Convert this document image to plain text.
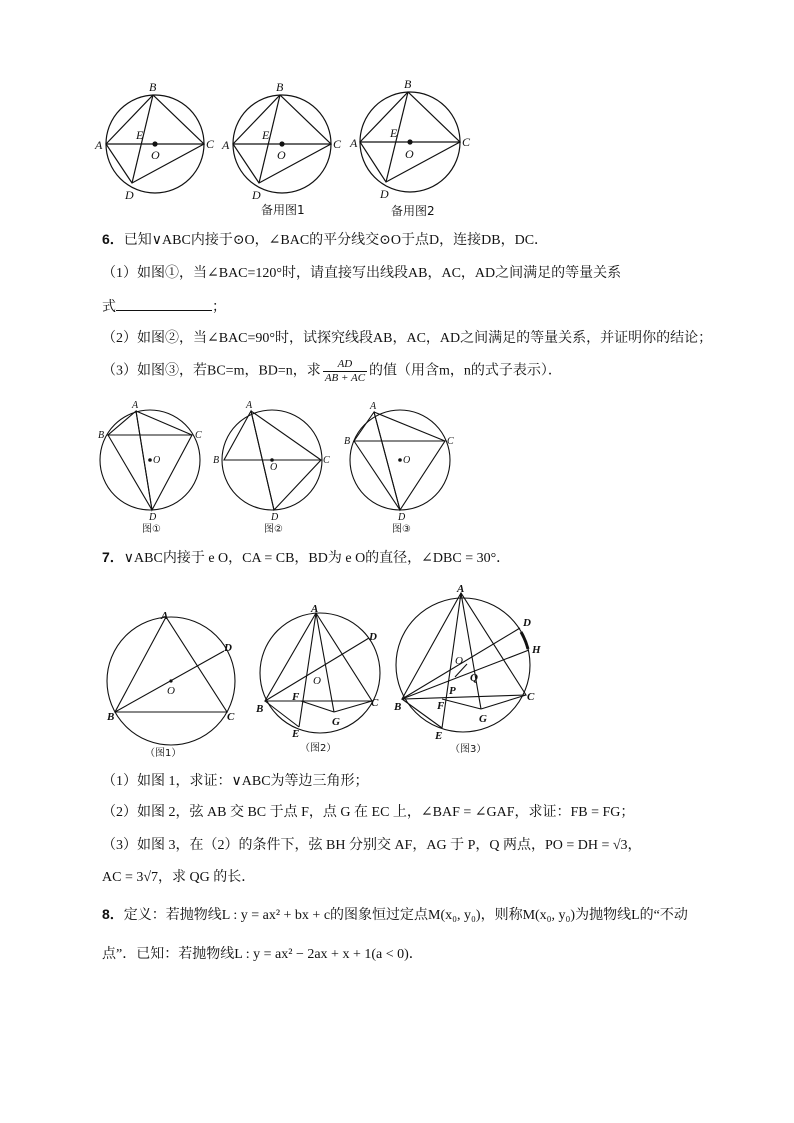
B
A	C
D
E
O
B
A	C
D
E
O
备用图1
B
A	C
D
E
O
备用图2
6．已知∨ABC内接于⊙O，∠BAC的平分线交⊙O于点D，连接DB，DC．
（1）如图①，当∠BAC=120°时，请直接写出线段AB，AC，AD之间满足的等量关系
式	；
（2）如图②，当∠BAC=90°时，试探究线段AB，AC，AD之间满足的等量关系，并证明你的结论；
（3）如图③，若BC=m，BD=n，求 $\frac{AD}{AB + AC}$ 的值（用含m，n的式子表示）．
A
B	C
D
O
图①
A
B	C
D
O
图②
A
B	C
D
O
图③
7．∨ABC内接于 e O，CA = CB，BD为 e O的直径，∠DBC = 30°．
A
B	C
D
O
（图1）
A
B	C
D
E
F
G
O
（图2）
A
B
C
D
E
F
G
H
O
P
Q
（图3）
（1）如图 1，求证：∨ABC为等边三角形；
（2）如图 2，弦 AB 交 BC 于点 F，点 G 在 EC 上，∠BAF = ∠GAF，求证：FB = FG；
（3）如图 3，在（2）的条件下，弦 BH 分别交 AF，AG 于 P，Q 两点，PO = DH = √3，
AC = 3√7，求 QG 的长．
8．定义：若抛物线L : y = ax² + bx + c的图象恒过定点M(x₀, y₀)，则称M(x₀, y₀)为抛物线L的“不动
点”．已知：若抛物线L : y = ax² − 2ax + x + 1(a < 0)．
